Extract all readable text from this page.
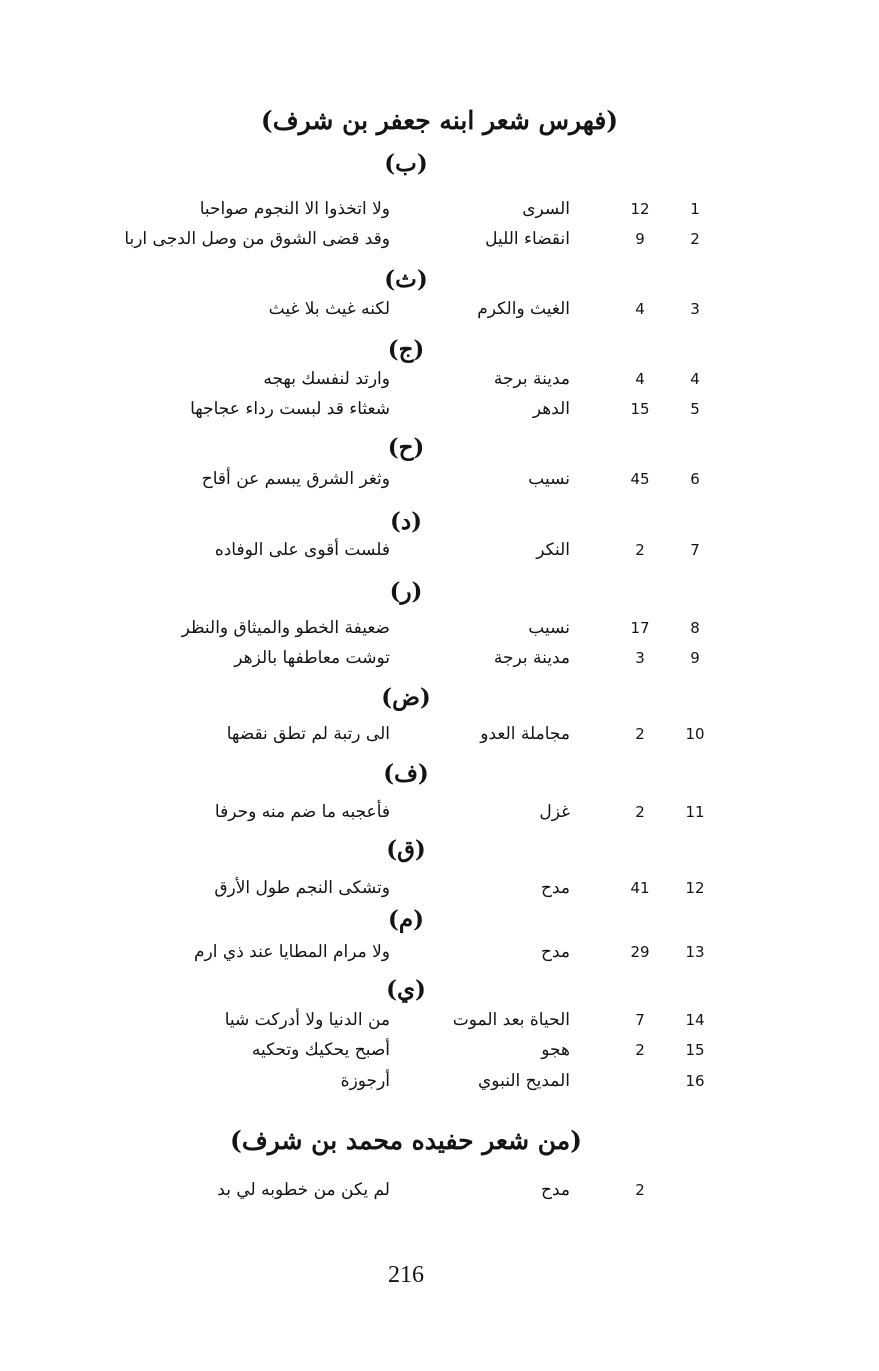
(فهرس شعر ابنه جعفر بن شرف)
(ب)
1
12
السرى
ولا اتخذوا الا النجوم صواحبا
2
9
انقضاء الليل
وقد قضى الشوق من وصل الدجى اربا
(ث)
3
4
الغيث والكرم
لكنه غيث بلا غيث
(ج)
4
4
مدينة برجة
وارتد لنفسك بهجه
5
15
الدهر
شعثاء قد لبست رداء عجاجها
(ح)
6
45
نسيب
وثغر الشرق يبسم عن أقاح
(د)
7
2
النكر
فلست أقوى على الوفاده
(ر)
8
17
نسيب
ضعيفة الخطو والميثاق والنظر
9
3
مدينة برجة
توشت معاطفها بالزهر
(ض)
10
2
مجاملة العدو
الى رتبة لم تطق نقضها
(ف)
11
2
غزل
فأعجبه ما ضم منه وحرفا
(ق)
12
41
مدح
وتشكى النجم طول الأرق
(م)
13
29
مدح
ولا مرام المطايا عند ذي ارم
(ي)
14
7
الحياة بعد الموت
من الدنيا ولا أدركت شيا
15
2
هجو
أصبح يحكيك وتحكيه
16
المديح النبوي
أرجوزة
(من شعر حفيده محمد بن شرف)
2
مدح
لم يكن من خطوبه لي بد
216
